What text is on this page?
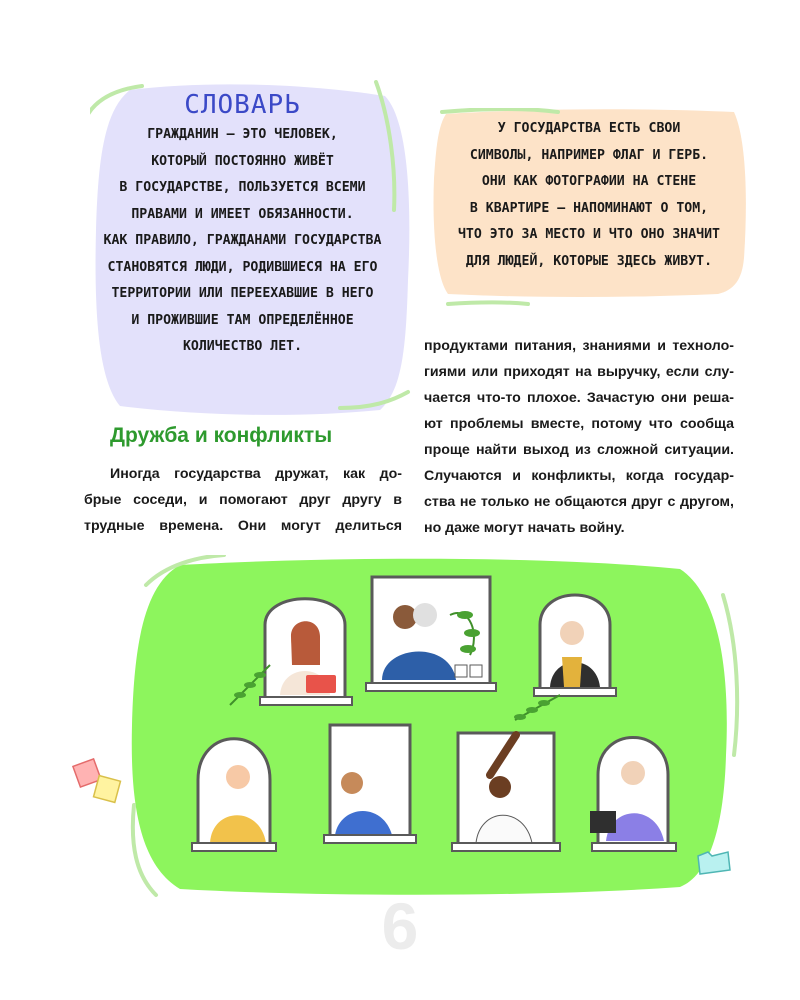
СЛОВАРЬ
ГРАЖДАНИН — ЭТО ЧЕЛОВЕК,
КОТОРЫЙ ПОСТОЯННО ЖИВЁТ
В ГОСУДАРСТВЕ, ПОЛЬЗУЕТСЯ ВСЕМИ
ПРАВАМИ И ИМЕЕТ ОБЯЗАННОСТИ.
КАК ПРАВИЛО, ГРАЖДАНАМИ ГОСУДАРСТВА
СТАНОВЯТСЯ ЛЮДИ, РОДИВШИЕСЯ НА ЕГО
ТЕРРИТОРИИ ИЛИ ПЕРЕЕХАВШИЕ В НЕГО
И ПРОЖИВШИЕ ТАМ ОПРЕДЕЛЁННОЕ
КОЛИЧЕСТВО ЛЕТ.
У ГОСУДАРСТВА ЕСТЬ СВОИ
СИМВОЛЫ, НАПРИМЕР ФЛАГ И ГЕРБ.
ОНИ КАК ФОТОГРАФИИ НА СТЕНЕ
В КВАРТИРЕ — НАПОМИНАЮТ О ТОМ,
ЧТО ЭТО ЗА МЕСТО И ЧТО ОНО ЗНАЧИТ
ДЛЯ ЛЮДЕЙ, КОТОРЫЕ ЗДЕСЬ ЖИВУТ.
Дружба и конфликты
Иногда государства дружат, как до-
брые соседи, и помогают друг другу в
трудные времена. Они могут делиться
продуктами питания, знаниями и техноло-
гиями или приходят на выручку, если слу-
чается что-то плохое. Зачастую они реша-
ют проблемы вместе, потому что сообща
проще найти выход из сложной ситуации.
Случаются и конфликты, когда государ-
ства не только не общаются друг с другом,
но даже могут начать войну.
6
